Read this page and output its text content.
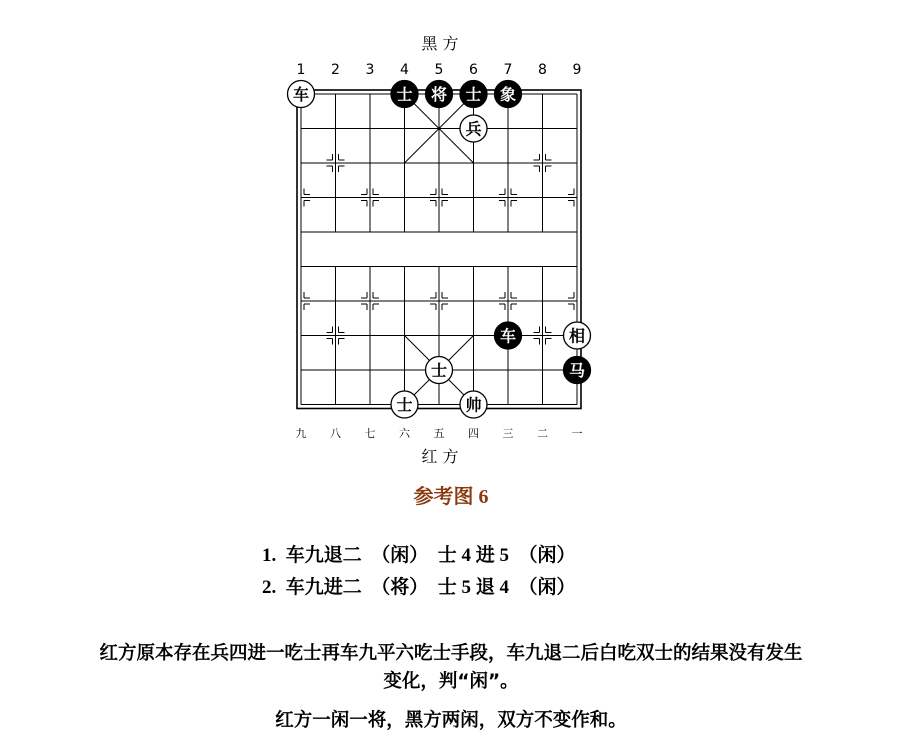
黑 方
1 2 3 4 5 6 7 8 9
车	士 将 士 象
兵
车	相
马
士
士	帅
九 八 七 六 五 四 三 二 一
红 方
参考图 6
1.  车九退二  （闲）  士 4 进 5  （闲）
2.  车九进二  （将）  士 5 退 4  （闲）
红方原本存在兵四进一吃士再车九平六吃士手段，车九退二后白吃双士的结果没有发生
变化，判“闲”。
红方一闲一将，黑方两闲，双方不变作和。
